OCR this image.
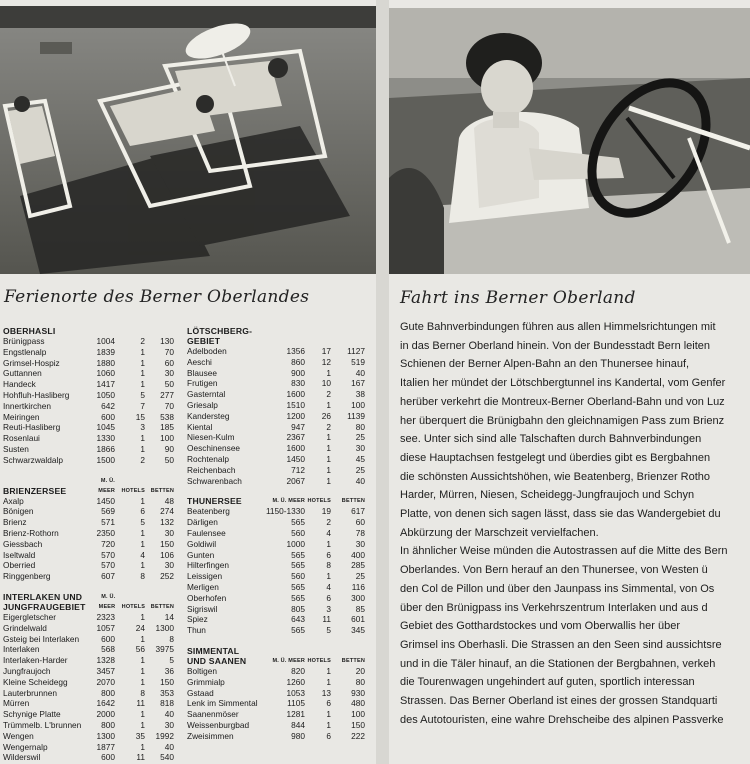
Ferienorte des Berner Oberlandes	Fahrt ins Berner Oberland
OBERHASLI
Brünigpass	1004	2	130
Engstlenalp	1839	1	70
Grimsel-Hospiz	1880	1	60
Guttannen	1060	1	30
Handeck	1417	1	50
Hohfluh-Hasliberg	1050	5	277
Innertkirchen	642	7	70
Meiringen	600	15	538
Reuti-Hasliberg	1045	3	185
Rosenlaui	1330	1	100
Susten	1866	1	90
Schwarzwaldalp	1500	2	50
BRIENZERSEE
M. Ü. MEER	HOTELS	BETTEN
Axalp	1450	1	48
Bönigen	569	6	274
Brienz	571	5	132
Brienz-Rothorn	2350	1	30
Giessbach	720	1	150
Iseltwald	570	4	106
Oberried	570	1	30
Ringgenberg	607	8	252
INTERLAKEN UND
JUNGFRAUGEBIET
M. Ü. MEER	HOTELS	BETTEN
Eigergletscher	2323	1	14
Grindelwald	1057	24	1300
Gsteig bei Interlaken	600	1	8
Interlaken	568	56	3975
Interlaken-Harder	1328	1	5
Jungfraujoch	3457	1	36
Kleine Scheidegg	2070	1	150
Lauterbrunnen	800	8	353
Mürren	1642	11	818
Schynige Platte	2000	1	40
Trümmelb. L'brunnen	800	1	30
Wengen	1300	35	1992
Wengernalp	1877	1	40
Wilderswil	600	11	540
LÖTSCHBERG-
GEBIET
Adelboden	1356	17	1127
Aeschi	860	12	519
Blausee	900	1	40
Frutigen	830	10	167
Gasterntal	1600	2	38
Griesalp	1510	1	100
Kandersteg	1200	26	1139
Kiental	947	2	80
Niesen-Kulm	2367	1	25
Oeschinensee	1600	1	30
Rochtenalp	1450	1	45
Reichenbach	712	1	25
Schwarenbach	2067	1	40
THUNERSEE	M. Ü. MEER HOTELS	BETTEN
Beatenberg	1150-1330	19	617
Därligen	565	2	60
Faulensee	560	4	78
Goldiwil	1000	1	30
Gunten	565	6	400
Hilterfingen	565	8	285
Leissigen	560	1	25
Merligen	565	4	116
Oberhofen	565	6	300
Sigriswil	805	3	85
Spiez	643	11	601
Thun	565	5	345
SIMMENTAL
UND SAANEN	M. Ü. MEER HOTELS	BETTEN
Boltigen	820	1	20
Grimmialp	1260	1	80
Gstaad	1053	13	930
Lenk im Simmental	1105	6	480
Saanenmöser	1281	1	100
Weissenburgbad	844	1	150
Zweisimmen	980	6	222
Gute Bahnverbindungen führen aus allen Himmelsrichtungen mit
in das Berner Oberland hinein. Von der Bundesstadt Bern leiten
Schienen der Berner Alpen-Bahn an den Thunersee hinauf,
Italien her mündet der Lötschbergtunnel ins Kandertal, vom Genfer
herüber verkehrt die Montreux-Berner Oberland-Bahn und von Luz
her überquert die Brünigbahn den gleichnamigen Pass zum Brienz
see. Unter sich sind alle Talschaften durch Bahnverbindungen
diese Hauptachsen festgelegt und überdies gibt es Bergbahnen
die schönsten Aussichtshöhen, wie Beatenberg, Brienzer Rotho
Harder, Mürren, Niesen, Scheidegg-Jungfraujoch und Schyn
Platte, von denen sich sagen lässt, dass sie das Wandergebiet du
Abkürzung der Marschzeit vervielfachen.
In ähnlicher Weise münden die Autostrassen auf die Mitte des Bern
Oberlandes. Von Bern herauf an den Thunersee, von Westen ü
den Col de Pillon und über den Jaunpass ins Simmental, von Os
über den Brünigpass ins Verkehrszentrum Interlaken und aus d
Gebiet des Gotthardstockes und vom Oberwallis her über
Grimsel ins Oberhasli. Die Strassen an den Seen sind aussichtsre
und in die Täler hinauf, an die Stationen der Bergbahnen, verkeh
die Tourenwagen ungehindert auf guten, sportlich interessan
Strassen. Das Berner Oberland ist eines der grossen Standquarti
des Autotouristen, eine wahre Drehscheibe des alpinen Passverke
